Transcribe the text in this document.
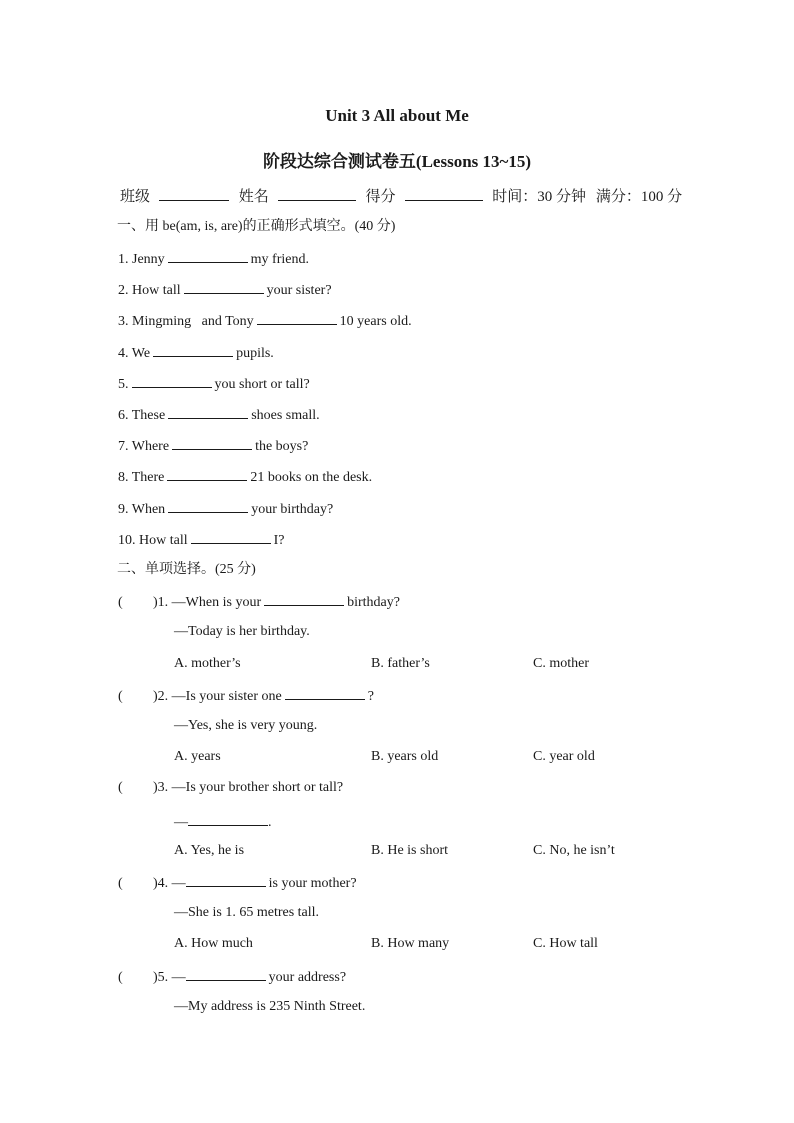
Unit 3 All about Me
阶段达综合测试卷五(Lessons 13~15)
班级	姓名	得分	时间：30 分钟 满分：100 分
一、用 be(am, is, are)的正确形式填空。(40 分)
1. Jenny	my friend.
2. How tall	your sister?
3. Mingming   and Tony	10 years old.
4. We	pupils.
5.	you short or tall?
6. These	shoes small.
7. Where	the boys?
8. There	21 books on the desk.
9. When	your birthday?
10. How tall	I?
二、单项选择。(25 分)
( )1. —When is your	birthday?
—Today is her birthday.
A. mother’s	B. father’s	C. mother
( )2. —Is your sister one	?
—Yes, she is very young.
A. years	B. years old	C. year old
( )3. —Is your brother short or tall?
—	.
A. Yes, he is	B. He is short	C. No, he isn’t
( )4. —	is your mother?
—She is 1. 65 metres tall.
A. How much	B. How many	C. How tall
( )5. —	your address?
—My address is 235 Ninth Street.
